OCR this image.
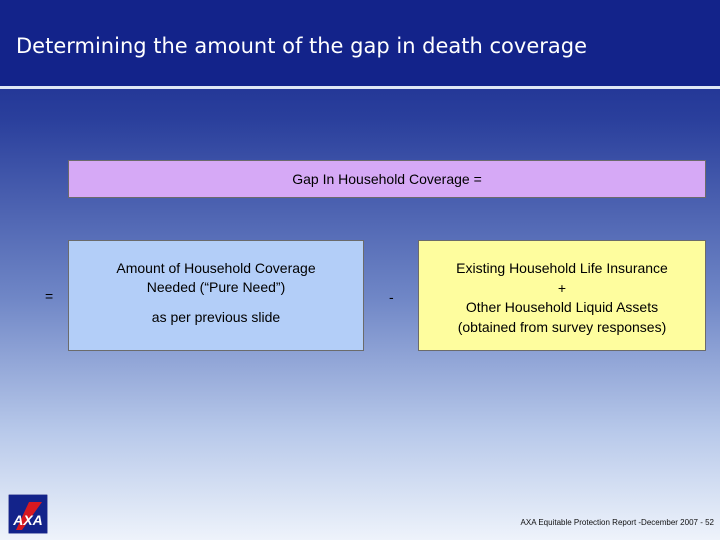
Determining the amount of the gap in death coverage
Gap In Household Coverage =
=
Amount of Household Coverage
Needed (“Pure Need”)
as per previous slide
-
Existing Household Life Insurance
+
Other Household Liquid Assets
(obtained from survey responses)
AXA	AXA Equitable Protection Report -December 2007 - 52
